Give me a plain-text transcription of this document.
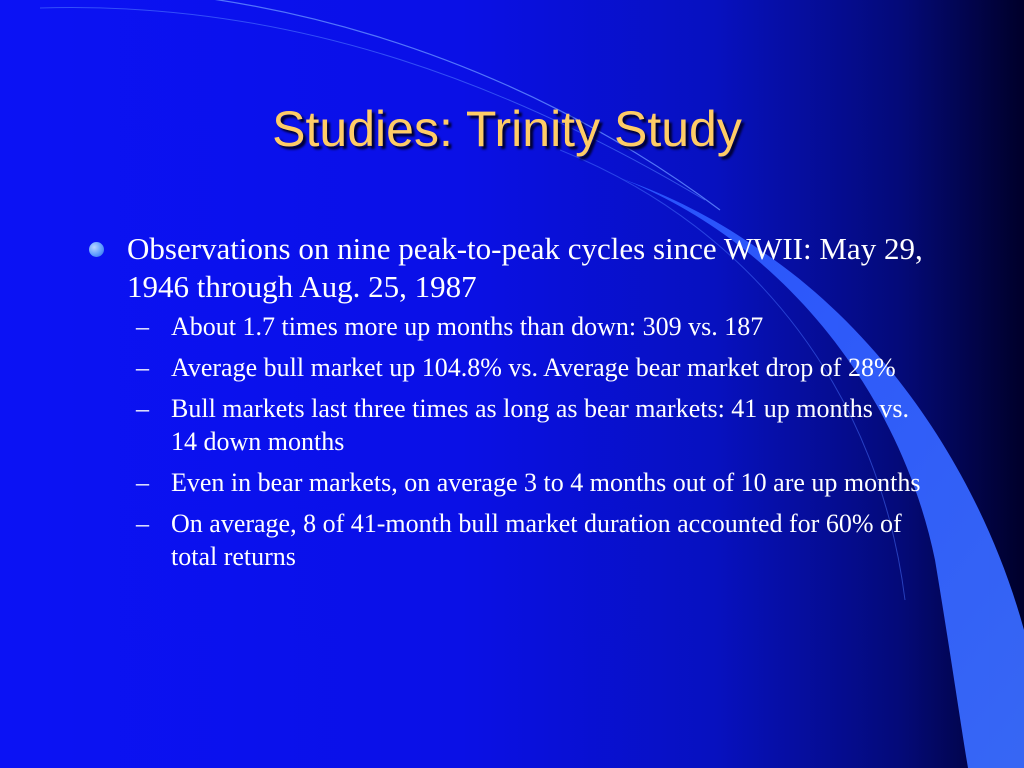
Studies: Trinity Study
Observations on nine peak-to-peak cycles since WWII: May 29, 1946 through Aug. 25, 1987
– About 1.7 times more up months than down: 309 vs. 187
– Average bull market up 104.8% vs. Average bear market drop of 28%
– Bull markets last three times as long as bear markets: 41 up months vs. 14 down months
– Even in bear markets, on average 3 to 4 months out of 10 are up months
– On average, 8 of 41-month bull market duration accounted for 60% of total returns
